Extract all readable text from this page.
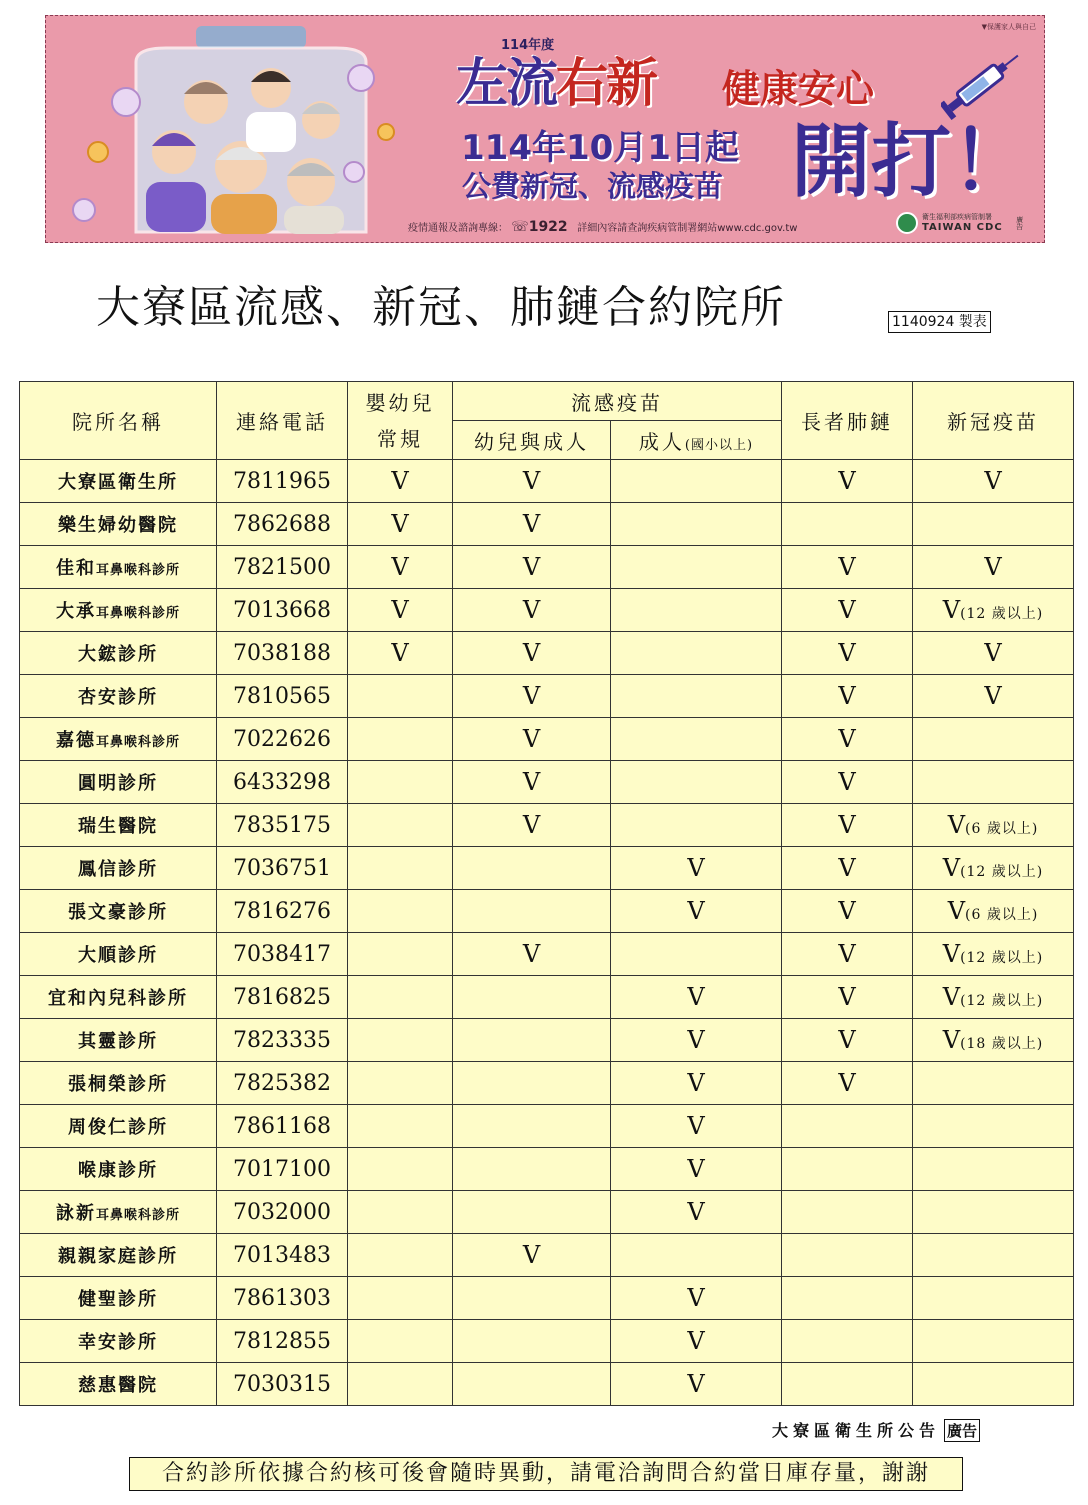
▼保護家人與自己
114年度
左流右新 健康安心
114年10月1日起
公費新冠、流感疫苗 開打！
疫情通報及諮詢專線： ☏1922 詳細內容請查詢疾病管制署網站www.cdc.gov.tw
衛生福利部疾病管制署
TAIWAN CDC 廣告
大寮區流感、新冠、肺鏈合約院所	1140924 製表
院所名稱	連絡電話	嬰幼兒常規	流感疫苗		長者肺鏈	新冠疫苗
			幼兒與成人	成人(國小以上)		
大寮區衛生所	7811965	V	V		V	V
樂生婦幼醫院	7862688	V	V			
佳和耳鼻喉科診所	7821500	V	V		V	V
大承耳鼻喉科診所	7013668	V	V		V	V(12 歲以上)
大鋐診所	7038188	V	V		V	V
杏安診所	7810565		V		V	V
嘉德耳鼻喉科診所	7022626		V		V	
圓明診所	6433298		V		V	
瑞生醫院	7835175		V		V	V(6 歲以上)
鳳信診所	7036751			V	V	V(12 歲以上)
張文豪診所	7816276			V	V	V(6 歲以上)
大順診所	7038417		V		V	V(12 歲以上)
宜和內兒科診所	7816825			V	V	V(12 歲以上)
其靈診所	7823335			V	V	V(18 歲以上)
張桐榮診所	7825382			V	V	
周俊仁診所	7861168			V		
喉康診所	7017100			V		
詠新耳鼻喉科診所	7032000			V		
親親家庭診所	7013483		V			
健聖診所	7861303			V		
幸安診所	7812855			V		
慈惠醫院	7030315			V		
大寮區衛生所公告 廣告
合約診所依據合約核可後會隨時異動，請電洽詢問合約當日庫存量，謝謝
